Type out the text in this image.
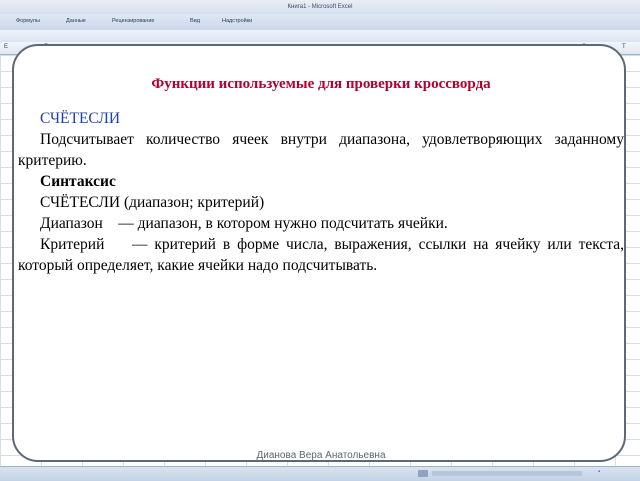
Книга1 - Microsoft Excel
Формулы	Данные	Рецензирование	Вид	Надстройки
E	T
▪
Функции используемые для проверки кроссворда

СЧЁТЕСЛИ

Подсчитывает количество ячеек внутри диапазона, удовлетворяющих заданному критерию.

Синтаксис

СЧЁТЕСЛИ (диапазон; критерий)

Диапазон    — диапазон, в котором нужно подсчитать ячейки.

Критерий    — критерий в форме числа, выражения, ссылки на ячейку или текста, который определяет, какие ячейки надо подсчитывать.

Дианова Вера Анатольевна
